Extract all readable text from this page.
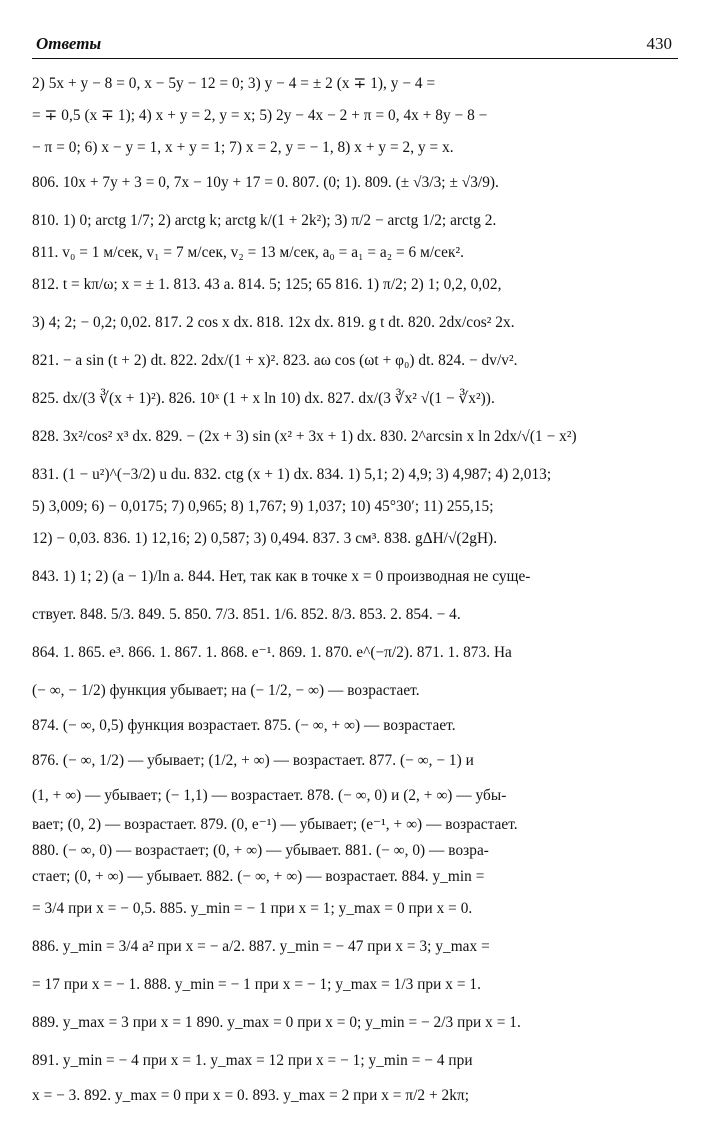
Ответы	430
2) 5x + y − 8 = 0, x − 5y − 12 = 0; 3) y − 4 = ± 2 (x ∓ 1), y − 4 =
= ∓ 0,5 (x ∓ 1); 4) x + y = 2, y = x; 5) 2y − 4x − 2 + π = 0, 4x + 8y − 8 −
− π = 0; 6) x − y = 1, x + y = 1; 7) x = 2, y = − 1, 8) x + y = 2, y = x.
806. 10x + 7y + 3 = 0, 7x − 10y + 17 = 0. 807. (0; 1). 809. (± √3/3; ± √3/9).
810. 1) 0; arctg 1/7; 2) arctg k; arctg k/(1 + 2k²); 3) π/2 − arctg 1/2; arctg 2.
811. v₀ = 1 м/сек, v₁ = 7 м/сек, v₂ = 13 м/сек, a₀ = a₁ = a₂ = 6 м/сек².
812. t = kπ/ω; x = ± 1. 813. 43 a. 814. 5; 125; 65 816. 1) π/2; 2) 1; 0,2, 0,02,
3) 4; 2; − 0,2; 0,02. 817. 2 cos x dx. 818. 12x dx. 819. g t dt. 820. 2dx/cos² 2x.
821. − a sin (t + 2) dt. 822. 2dx/(1 + x)². 823. aω cos (ωt + φ₀) dt. 824. − dv/v².
825. dx/(3 ∛(x + 1)²). 826. 10ˣ (1 + x ln 10) dx. 827. dx/(3 ∛x² √(1 − ∛x²)).
828. 3x²/cos² x³ dx. 829. − (2x + 3) sin (x² + 3x + 1) dx. 830. 2^arcsin x ln 2dx/√(1 − x²)
831. (1 − u²)^(−3/2) u du. 832. ctg (x + 1) dx. 834. 1) 5,1; 2) 4,9; 3) 4,987; 4) 2,013;
5) 3,009; 6) − 0,0175; 7) 0,965; 8) 1,767; 9) 1,037; 10) 45°30′; 11) 255,15;
12) − 0,03. 836. 1) 12,16; 2) 0,587; 3) 0,494. 837. 3 см³. 838. gΔH/√(2gH).
843. 1) 1; 2) (a − 1)/ln a. 844. Нет, так как в точке x = 0 производная не суще-
ствует. 848. 5/3. 849. 5. 850. 7/3. 851. 1/6. 852. 8/3. 853. 2. 854. − 4.
864. 1. 865. e³. 866. 1. 867. 1. 868. e⁻¹. 869. 1. 870. e^(−π/2). 871. 1. 873. На
(− ∞, − 1/2) функция убывает; на (− 1/2, − ∞) — возрастает.
874. (− ∞, 0,5) функция возрастает. 875. (− ∞, + ∞) — возрастает.
876. (− ∞, 1/2) — убывает; (1/2, + ∞) — возрастает. 877. (− ∞, − 1) и
(1, + ∞) — убывает; (− 1,1) — возрастает. 878. (− ∞, 0) и (2, + ∞) — убы-
вает; (0, 2) — возрастает. 879. (0, e⁻¹) — убывает; (e⁻¹, + ∞) — возрастает.
880. (− ∞, 0) — возрастает; (0, + ∞) — убывает. 881. (− ∞, 0) — возра-
стает; (0, + ∞) — убывает. 882. (− ∞, + ∞) — возрастает. 884. y_min =
= 3/4 при x = − 0,5. 885. y_min = − 1 при x = 1; y_max = 0 при x = 0.
886. y_min = 3/4 a² при x = − a/2. 887. y_min = − 47 при x = 3; y_max =
= 17 при x = − 1. 888. y_min = − 1 при x = − 1; y_max = 1/3 при x = 1.
889. y_max = 3 при x = 1 890. y_max = 0 при x = 0; y_min = − 2/3 при x = 1.
891. y_min = − 4 при x = 1. y_max = 12 при x = − 1; y_min = − 4 при
x = − 3. 892. y_max = 0 при x = 0. 893. y_max = 2 при x = π/2 + 2kπ;
